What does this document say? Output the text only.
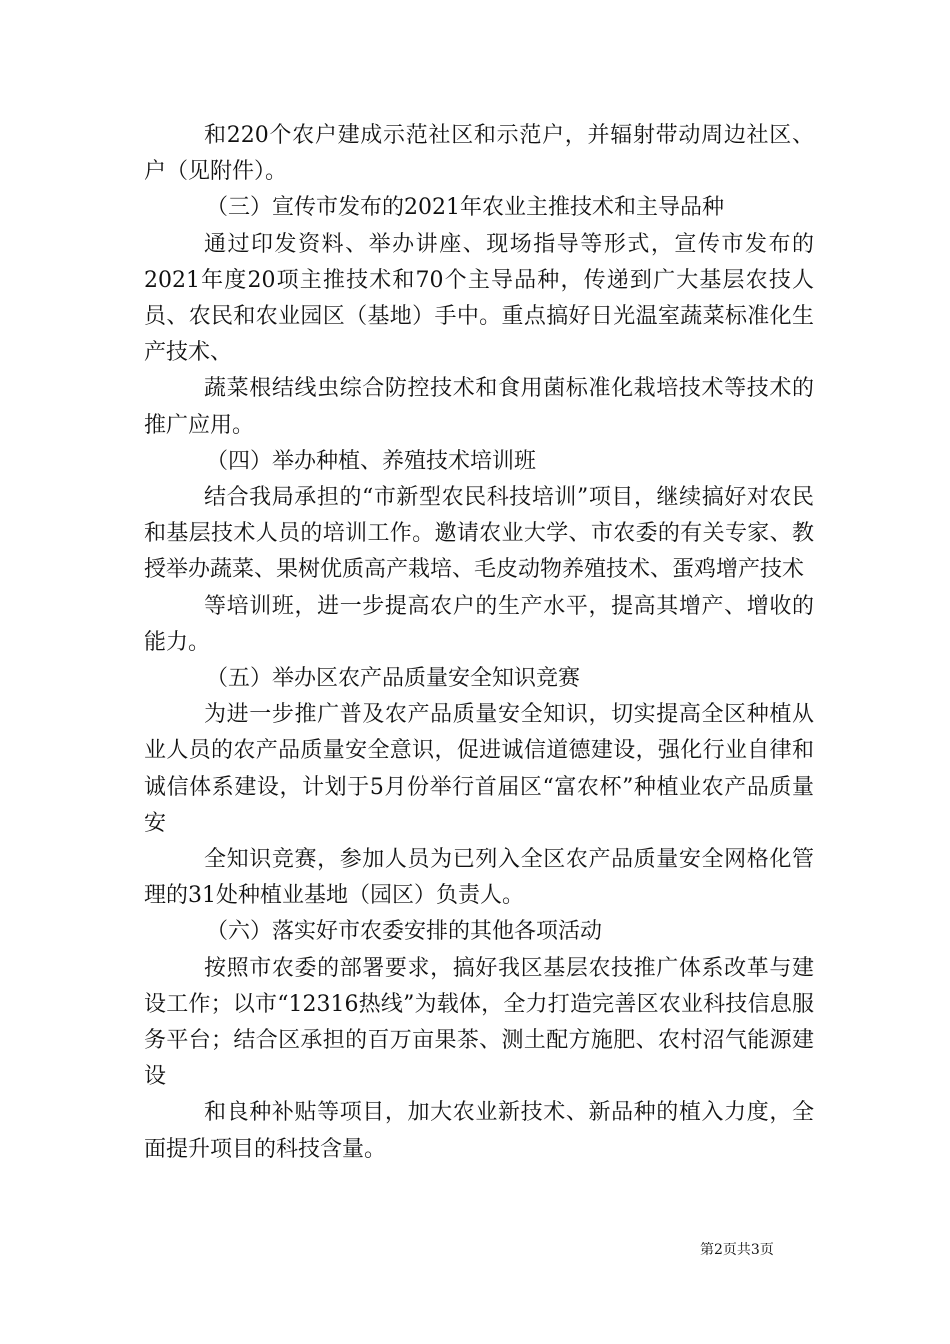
和220个农户建成示范社区和示范户，并辐射带动周边社区、户（见附件）。

（三）宣传市发布的2021年农业主推技术和主导品种

通过印发资料、举办讲座、现场指导等形式，宣传市发布的2021年度20项主推技术和70个主导品种，传递到广大基层农技人员、农民和农业园区（基地）手中。重点搞好日光温室蔬菜标准化生产技术、

蔬菜根结线虫综合防控技术和食用菌标准化栽培技术等技术的推广应用。

（四）举办种植、养殖技术培训班

结合我局承担的“市新型农民科技培训”项目，继续搞好对农民和基层技术人员的培训工作。邀请农业大学、市农委的有关专家、教授举办蔬菜、果树优质高产栽培、毛皮动物养殖技术、蛋鸡增产技术

等培训班，进一步提高农户的生产水平，提高其增产、增收的能力。

（五）举办区农产品质量安全知识竞赛

为进一步推广普及农产品质量安全知识，切实提高全区种植从业人员的农产品质量安全意识，促进诚信道德建设，强化行业自律和诚信体系建设，计划于5月份举行首届区“富农杯”种植业农产品质量安

全知识竞赛，参加人员为已列入全区农产品质量安全网格化管理的31处种植业基地（园区）负责人。

（六）落实好市农委安排的其他各项活动

按照市农委的部署要求，搞好我区基层农技推广体系改革与建设工作；以市“12316热线”为载体，全力打造完善区农业科技信息服务平台；结合区承担的百万亩果茶、测土配方施肥、农村沼气能源建设

和良种补贴等项目，加大农业新技术、新品种的植入力度，全面提升项目的科技含量。

第2页共3页
